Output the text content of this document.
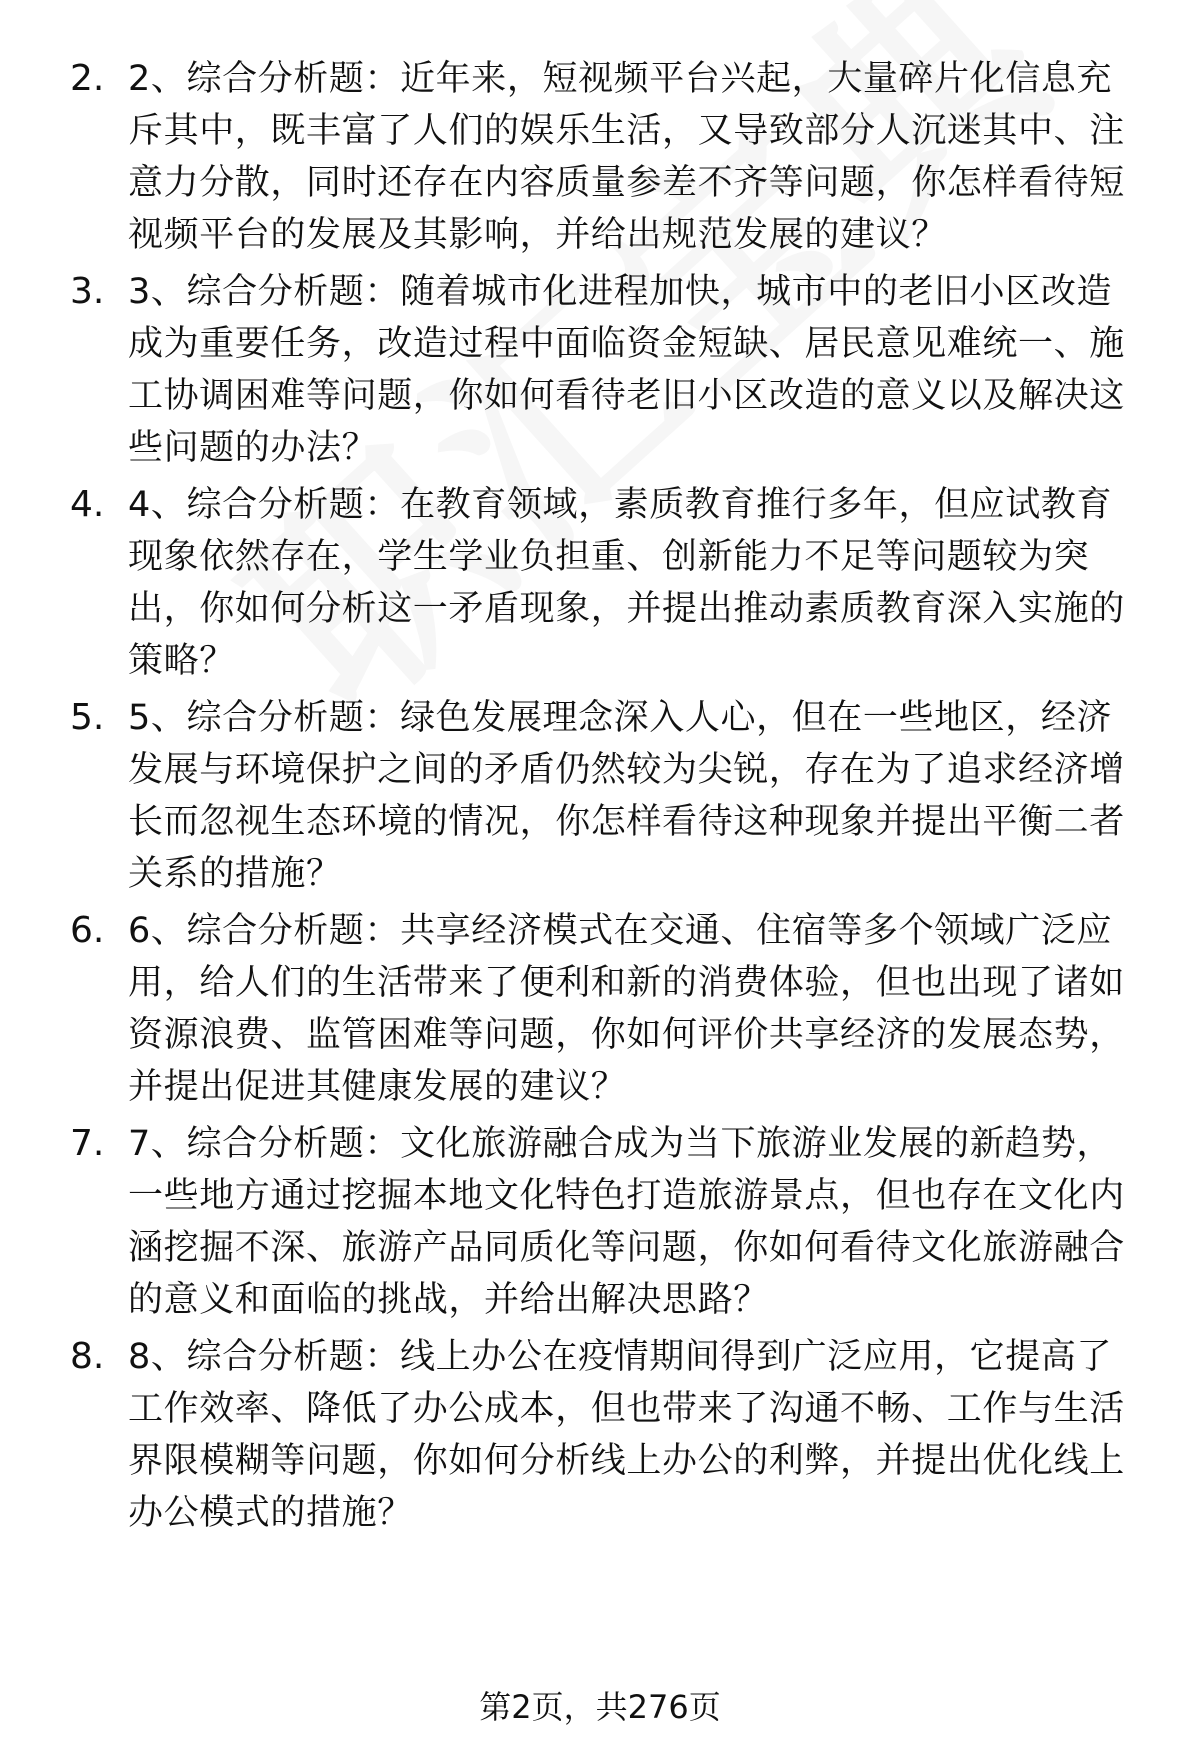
2. 2、综合分析题：近年来，短视频平台兴起，大量碎片化信息充斥其中，既丰富了人们的娱乐生活，又导致部分人沉迷其中、注意力分散，同时还存在内容质量参差不齐等问题，你怎样看待短视频平台的发展及其影响，并给出规范发展的建议？

3. 3、综合分析题：随着城市化进程加快，城市中的老旧小区改造成为重要任务，改造过程中面临资金短缺、居民意见难统一、施工协调困难等问题，你如何看待老旧小区改造的意义以及解决这些问题的办法？

4. 4、综合分析题：在教育领域，素质教育推行多年，但应试教育现象依然存在，学生学业负担重、创新能力不足等问题较为突出，你如何分析这一矛盾现象，并提出推动素质教育深入实施的策略？

5. 5、综合分析题：绿色发展理念深入人心，但在一些地区，经济发展与环境保护之间的矛盾仍然较为尖锐，存在为了追求经济增长而忽视生态环境的情况，你怎样看待这种现象并提出平衡二者关系的措施？

6. 6、综合分析题：共享经济模式在交通、住宿等多个领域广泛应用，给人们的生活带来了便利和新的消费体验，但也出现了诸如资源浪费、监管困难等问题，你如何评价共享经济的发展态势，并提出促进其健康发展的建议？

7. 7、综合分析题：文化旅游融合成为当下旅游业发展的新趋势，一些地方通过挖掘本地文化特色打造旅游景点，但也存在文化内涵挖掘不深、旅游产品同质化等问题，你如何看待文化旅游融合的意义和面临的挑战，并给出解决思路？

8. 8、综合分析题：线上办公在疫情期间得到广泛应用，它提高了工作效率、降低了办公成本，但也带来了沟通不畅、工作与生活界限模糊等问题，你如何分析线上办公的利弊，并提出优化线上办公模式的措施？

第2页，共276页
